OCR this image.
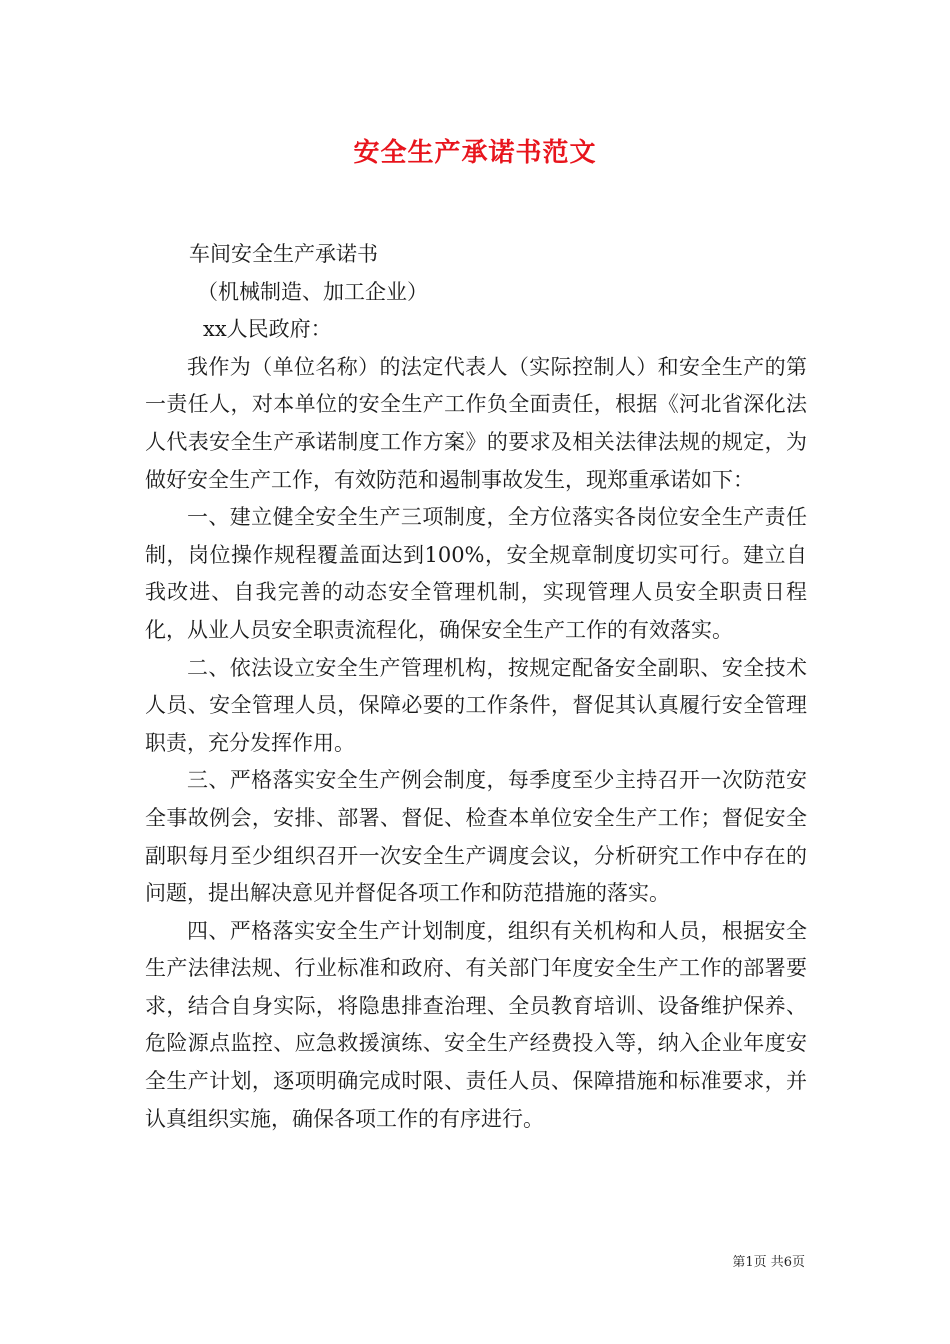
安全生产承诺书范文

车间安全生产承诺书

（机械制造、加工企业）

xx人民政府：

我作为（单位名称）的法定代表人（实际控制人）和安全生产的第一责任人，对本单位的安全生产工作负全面责任，根据《河北省深化法人代表安全生产承诺制度工作方案》的要求及相关法律法规的规定，为做好安全生产工作，有效防范和遏制事故发生，现郑重承诺如下：

一、建立健全安全生产三项制度，全方位落实各岗位安全生产责任制，岗位操作规程覆盖面达到100%，安全规章制度切实可行。建立自我改进、自我完善的动态安全管理机制，实现管理人员安全职责日程化，从业人员安全职责流程化，确保安全生产工作的有效落实。

二、依法设立安全生产管理机构，按规定配备安全副职、安全技术人员、安全管理人员，保障必要的工作条件，督促其认真履行安全管理职责，充分发挥作用。

三、严格落实安全生产例会制度，每季度至少主持召开一次防范安全事故例会，安排、部署、督促、检查本单位安全生产工作；督促安全副职每月至少组织召开一次安全生产调度会议，分析研究工作中存在的问题，提出解决意见并督促各项工作和防范措施的落实。

四、严格落实安全生产计划制度，组织有关机构和人员，根据安全生产法律法规、行业标准和政府、有关部门年度安全生产工作的部署要求，结合自身实际，将隐患排查治理、全员教育培训、设备维护保养、危险源点监控、应急救援演练、安全生产经费投入等，纳入企业年度安全生产计划，逐项明确完成时限、责任人员、保障措施和标准要求，并认真组织实施，确保各项工作的有序进行。

第1页 共6页
